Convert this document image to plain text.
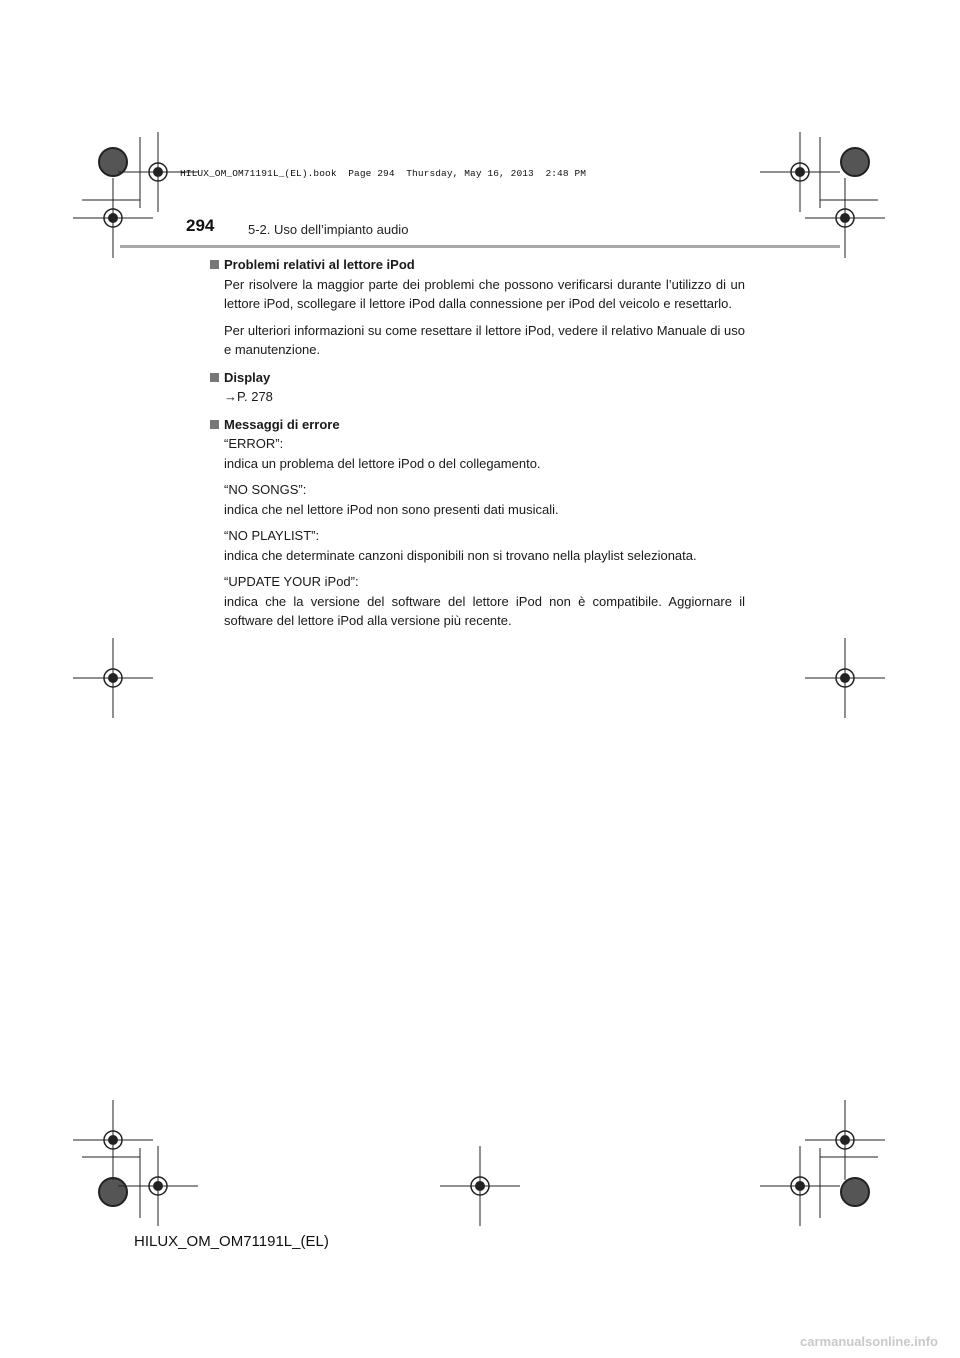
HILUX_OM_OM71191L_(EL).book  Page 294  Thursday, May 16, 2013  2:48 PM
294	5-2. Uso dell’impianto audio
Problemi relativi al lettore iPod

Per risolvere la maggior parte dei problemi che possono verificarsi durante l’utilizzo di un lettore iPod, scollegare il lettore iPod dalla connessione per iPod del veicolo e resettarlo.

Per ulteriori informazioni su come resettare il lettore iPod, vedere il relativo Manuale di uso e manutenzione.

Display

→P. 278

Messaggi di errore

“ERROR”:
indica un problema del lettore iPod o del collegamento.

“NO SONGS”:
indica che nel lettore iPod non sono presenti dati musicali.

“NO PLAYLIST”:
indica che determinate canzoni disponibili non si trovano nella playlist selezionata.

“UPDATE YOUR iPod”:
indica che la versione del software del lettore iPod non è compatibile. Aggiornare il software del lettore iPod alla versione più recente.

HILUX_OM_OM71191L_(EL)
carmanualsonline.info
